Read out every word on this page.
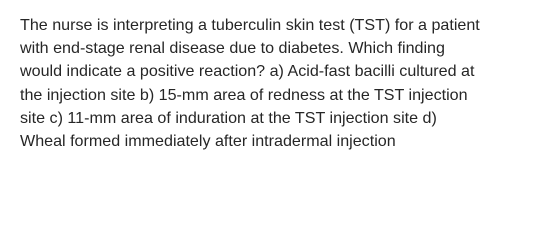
The nurse is interpreting a tuberculin skin test (TST) for a patient
with end-stage renal disease due to diabetes. Which finding
would indicate a positive reaction? a) Acid-fast bacilli cultured at
the injection site b) 15-mm area of redness at the TST injection
site c) 11-mm area of induration at the TST injection site d)
Wheal formed immediately after intradermal injection
